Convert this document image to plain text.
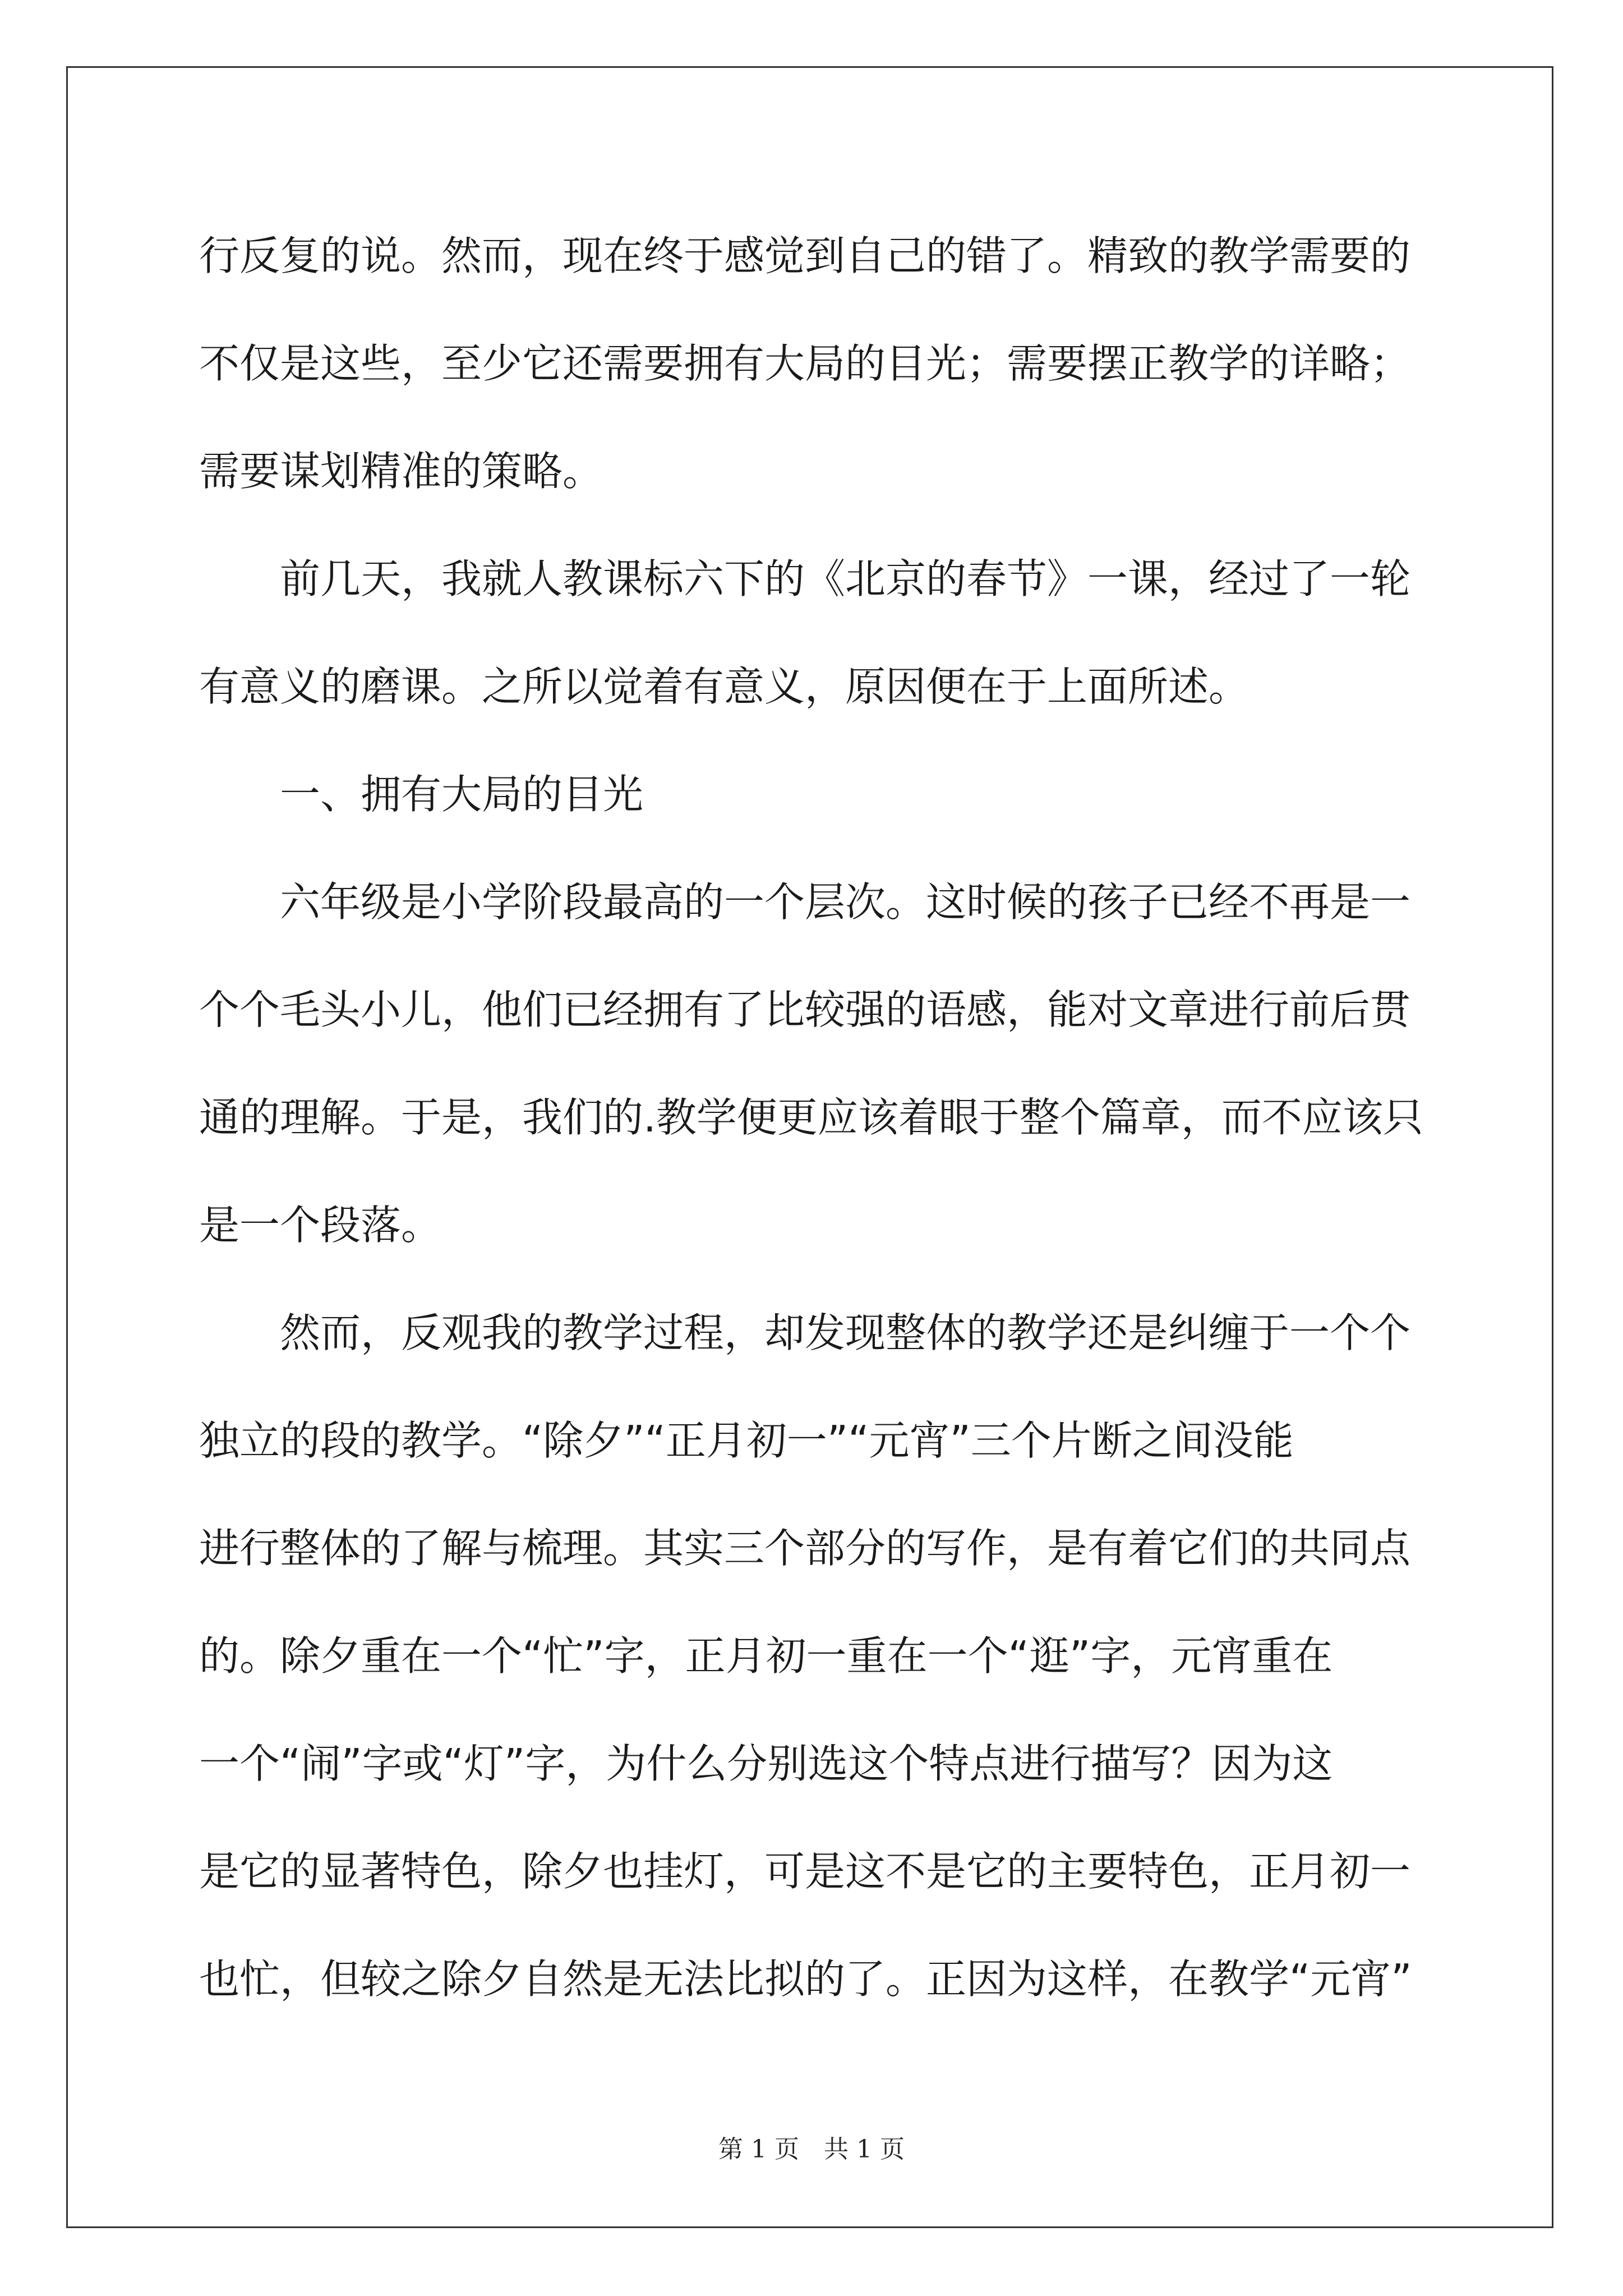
行反复的说。然而，现在终于感觉到自己的错了。精致的教学需要的
不仅是这些，至少它还需要拥有大局的目光；需要摆正教学的详略；
需要谋划精准的策略。
　　前几天，我就人教课标六下的《北京的春节》一课，经过了一轮
有意义的磨课。之所以觉着有意义，原因便在于上面所述。
　　一、拥有大局的目光
　　六年级是小学阶段最高的一个层次。这时候的孩子已经不再是一
个个毛头小儿，他们已经拥有了比较强的语感，能对文章进行前后贯
通的理解。于是，我们的.教学便更应该着眼于整个篇章，而不应该只
是一个段落。
　　然而，反观我的教学过程，却发现整体的教学还是纠缠于一个个
独立的段的教学。“除夕”“正月初一”“元宵”三个片断之间没能
进行整体的了解与梳理。其实三个部分的写作，是有着它们的共同点
的。除夕重在一个“忙”字，正月初一重在一个“逛”字，元宵重在
一个“闹”字或“灯”字，为什么分别选这个特点进行描写？因为这
是它的显著特色，除夕也挂灯，可是这不是它的主要特色，正月初一
也忙，但较之除夕自然是无法比拟的了。正因为这样，在教学“元宵”
第 1 页　共 1 页
